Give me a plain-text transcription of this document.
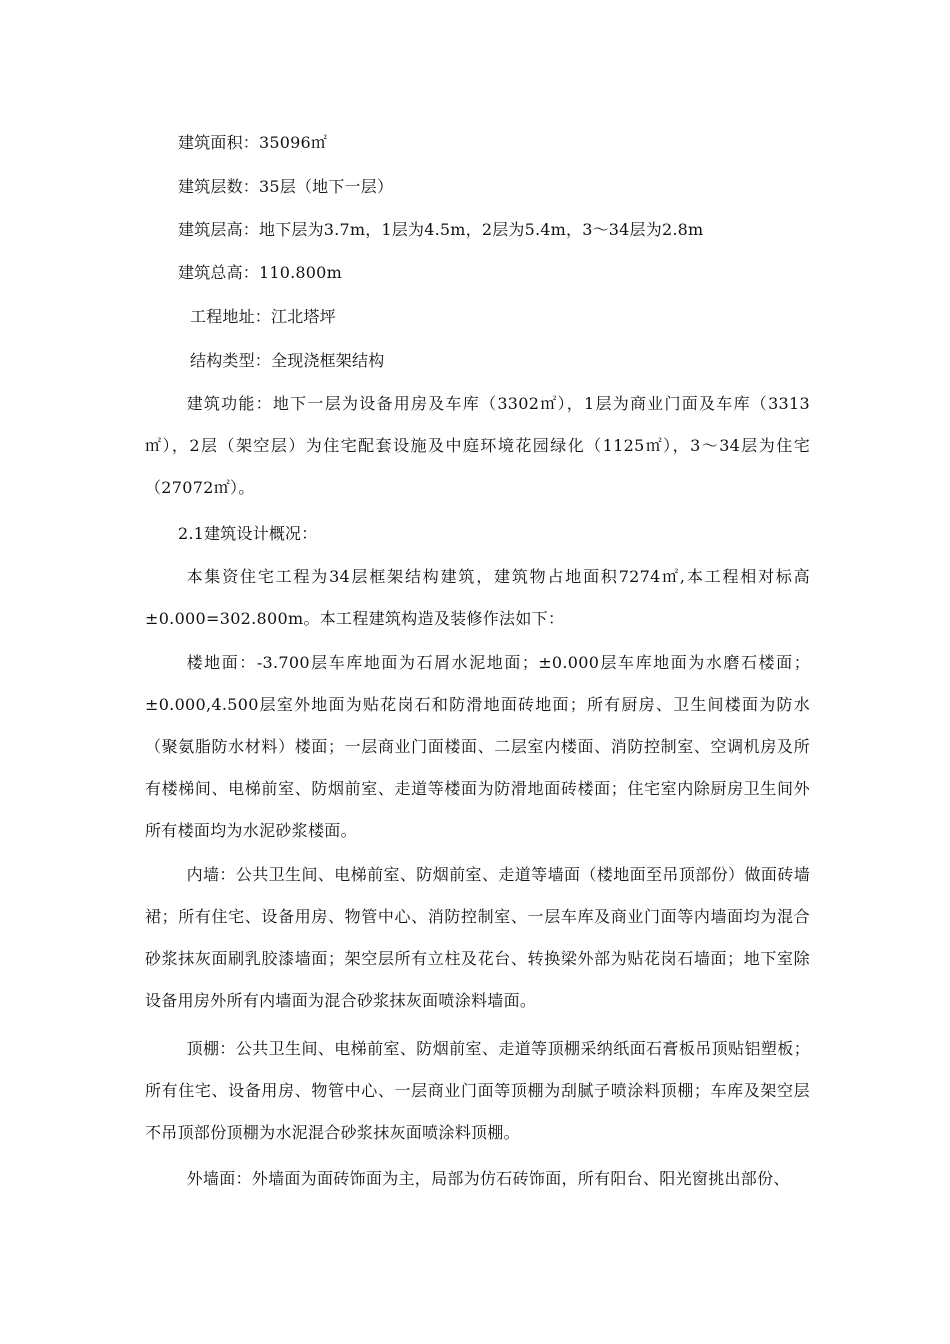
建筑面积：35096㎡
建筑层数：35层（地下一层）
建筑层高：地下层为3.7m，1层为4.5m，2层为5.4m，3～34层为2.8m
建筑总高：110.800m
工程地址：江北塔坪
结构类型：全现浇框架结构
建筑功能：地下一层为设备用房及车库（3302㎡），1层为商业门面及车库（3313㎡），2层（架空层）为住宅配套设施及中庭环境花园绿化（1125㎡），3～34层为住宅（27072㎡）。
2.1建筑设计概况：
本集资住宅工程为34层框架结构建筑，建筑物占地面积7274㎡,本工程相对标高±0.000=302.800m。本工程建筑构造及装修作法如下：
楼地面：-3.700层车库地面为石屑水泥地面；±0.000层车库地面为水磨石楼面；±0.000,4.500层室外地面为贴花岗石和防滑地面砖地面；所有厨房、卫生间楼面为防水（聚氨脂防水材料）楼面；一层商业门面楼面、二层室内楼面、消防控制室、空调机房及所有楼梯间、电梯前室、防烟前室、走道等楼面为防滑地面砖楼面；住宅室内除厨房卫生间外所有楼面均为水泥砂浆楼面。
内墙：公共卫生间、电梯前室、防烟前室、走道等墙面（楼地面至吊顶部份）做面砖墙裙；所有住宅、设备用房、物管中心、消防控制室、一层车库及商业门面等内墙面均为混合砂浆抹灰面刷乳胶漆墙面；架空层所有立柱及花台、转换梁外部为贴花岗石墙面；地下室除设备用房外所有内墙面为混合砂浆抹灰面喷涂料墙面。
顶棚：公共卫生间、电梯前室、防烟前室、走道等顶棚采纳纸面石膏板吊顶贴铝塑板；所有住宅、设备用房、物管中心、一层商业门面等顶棚为刮腻子喷涂料顶棚；车库及架空层不吊顶部份顶棚为水泥混合砂浆抹灰面喷涂料顶棚。
外墙面：外墙面为面砖饰面为主，局部为仿石砖饰面，所有阳台、阳光窗挑出部份、
